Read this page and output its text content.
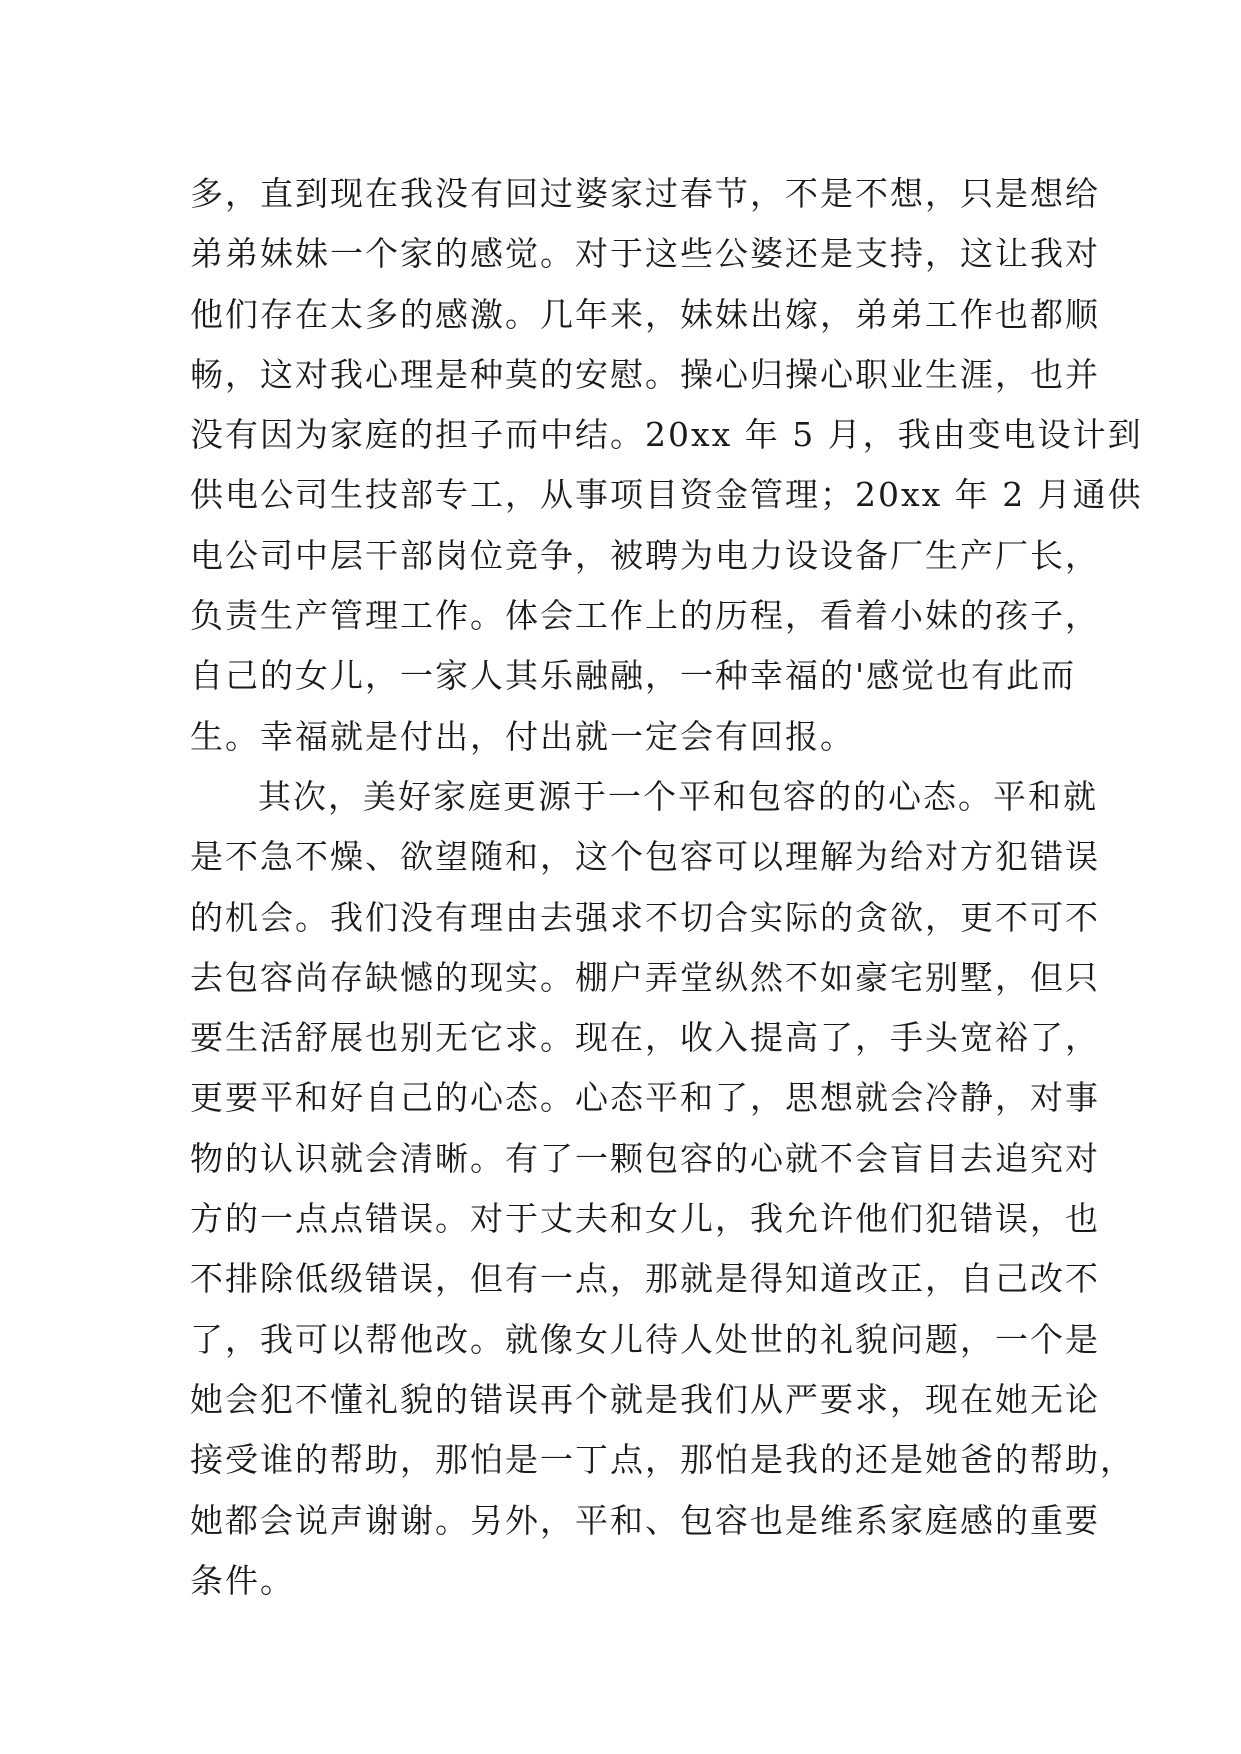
多，直到现在我没有回过婆家过春节，不是不想，只是想给
弟弟妹妹一个家的感觉。对于这些公婆还是支持，这让我对
他们存在太多的感激。几年来，妹妹出嫁，弟弟工作也都顺
畅，这对我心理是种莫的安慰。操心归操心职业生涯，也并
没有因为家庭的担子而中结。20xx 年 5 月，我由变电设计到
供电公司生技部专工，从事项目资金管理；20xx 年 2 月通供
电公司中层干部岗位竞争，被聘为电力设设备厂生产厂长，
负责生产管理工作。体会工作上的历程，看着小妹的孩子，
自己的女儿，一家人其乐融融，一种幸福的'感觉也有此而
生。幸福就是付出，付出就一定会有回报。
其次，美好家庭更源于一个平和包容的的心态。平和就
是不急不燥、欲望随和，这个包容可以理解为给对方犯错误
的机会。我们没有理由去强求不切合实际的贪欲，更不可不
去包容尚存缺憾的现实。棚户弄堂纵然不如豪宅别墅，但只
要生活舒展也别无它求。现在，收入提高了，手头宽裕了，
更要平和好自己的心态。心态平和了，思想就会冷静，对事
物的认识就会清晰。有了一颗包容的心就不会盲目去追究对
方的一点点错误。对于丈夫和女儿，我允许他们犯错误，也
不排除低级错误，但有一点，那就是得知道改正，自己改不
了，我可以帮他改。就像女儿待人处世的礼貌问题，一个是
她会犯不懂礼貌的错误再个就是我们从严要求，现在她无论
接受谁的帮助，那怕是一丁点，那怕是我的还是她爸的帮助，
她都会说声谢谢。另外，平和、包容也是维系家庭感的重要
条件。
